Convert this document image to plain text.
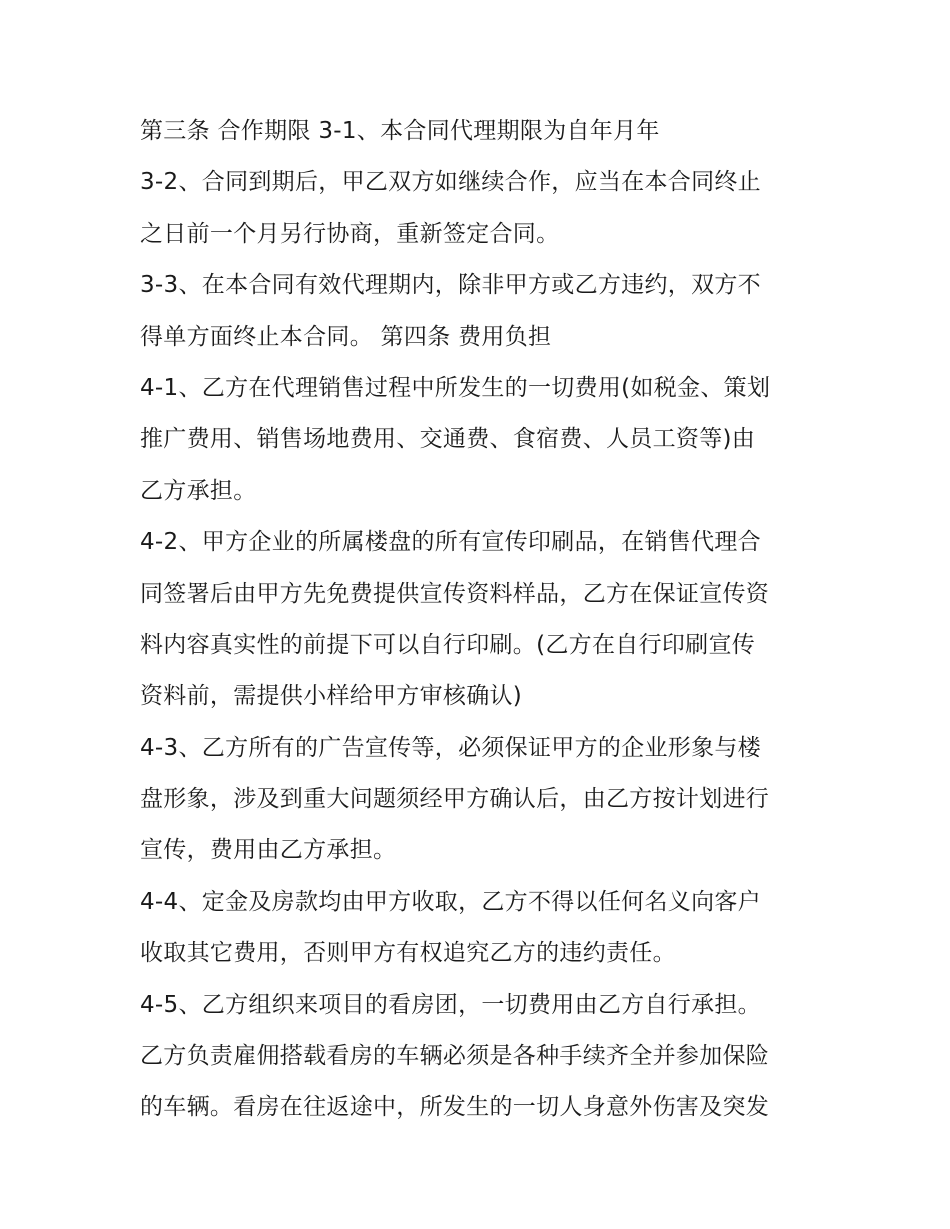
第三条 合作期限 3-1、本合同代理期限为自年月年
3-2、合同到期后，甲乙双方如继续合作，应当在本合同终止
之日前一个月另行协商，重新签定合同。
3-3、在本合同有效代理期内，除非甲方或乙方违约，双方不
得单方面终止本合同。 第四条 费用负担
4-1、乙方在代理销售过程中所发生的一切费用(如税金、策划
推广费用、销售场地费用、交通费、食宿费、人员工资等)由
乙方承担。
4-2、甲方企业的所属楼盘的所有宣传印刷品，在销售代理合
同签署后由甲方先免费提供宣传资料样品，乙方在保证宣传资
料内容真实性的前提下可以自行印刷。(乙方在自行印刷宣传
资料前，需提供小样给甲方审核确认)
4-3、乙方所有的广告宣传等，必须保证甲方的企业形象与楼
盘形象，涉及到重大问题须经甲方确认后，由乙方按计划进行
宣传，费用由乙方承担。
4-4、定金及房款均由甲方收取，乙方不得以任何名义向客户
收取其它费用，否则甲方有权追究乙方的违约责任。
4-5、乙方组织来项目的看房团，一切费用由乙方自行承担。
乙方负责雇佣搭载看房的车辆必须是各种手续齐全并参加保险
的车辆。看房在往返途中，所发生的一切人身意外伤害及突发
